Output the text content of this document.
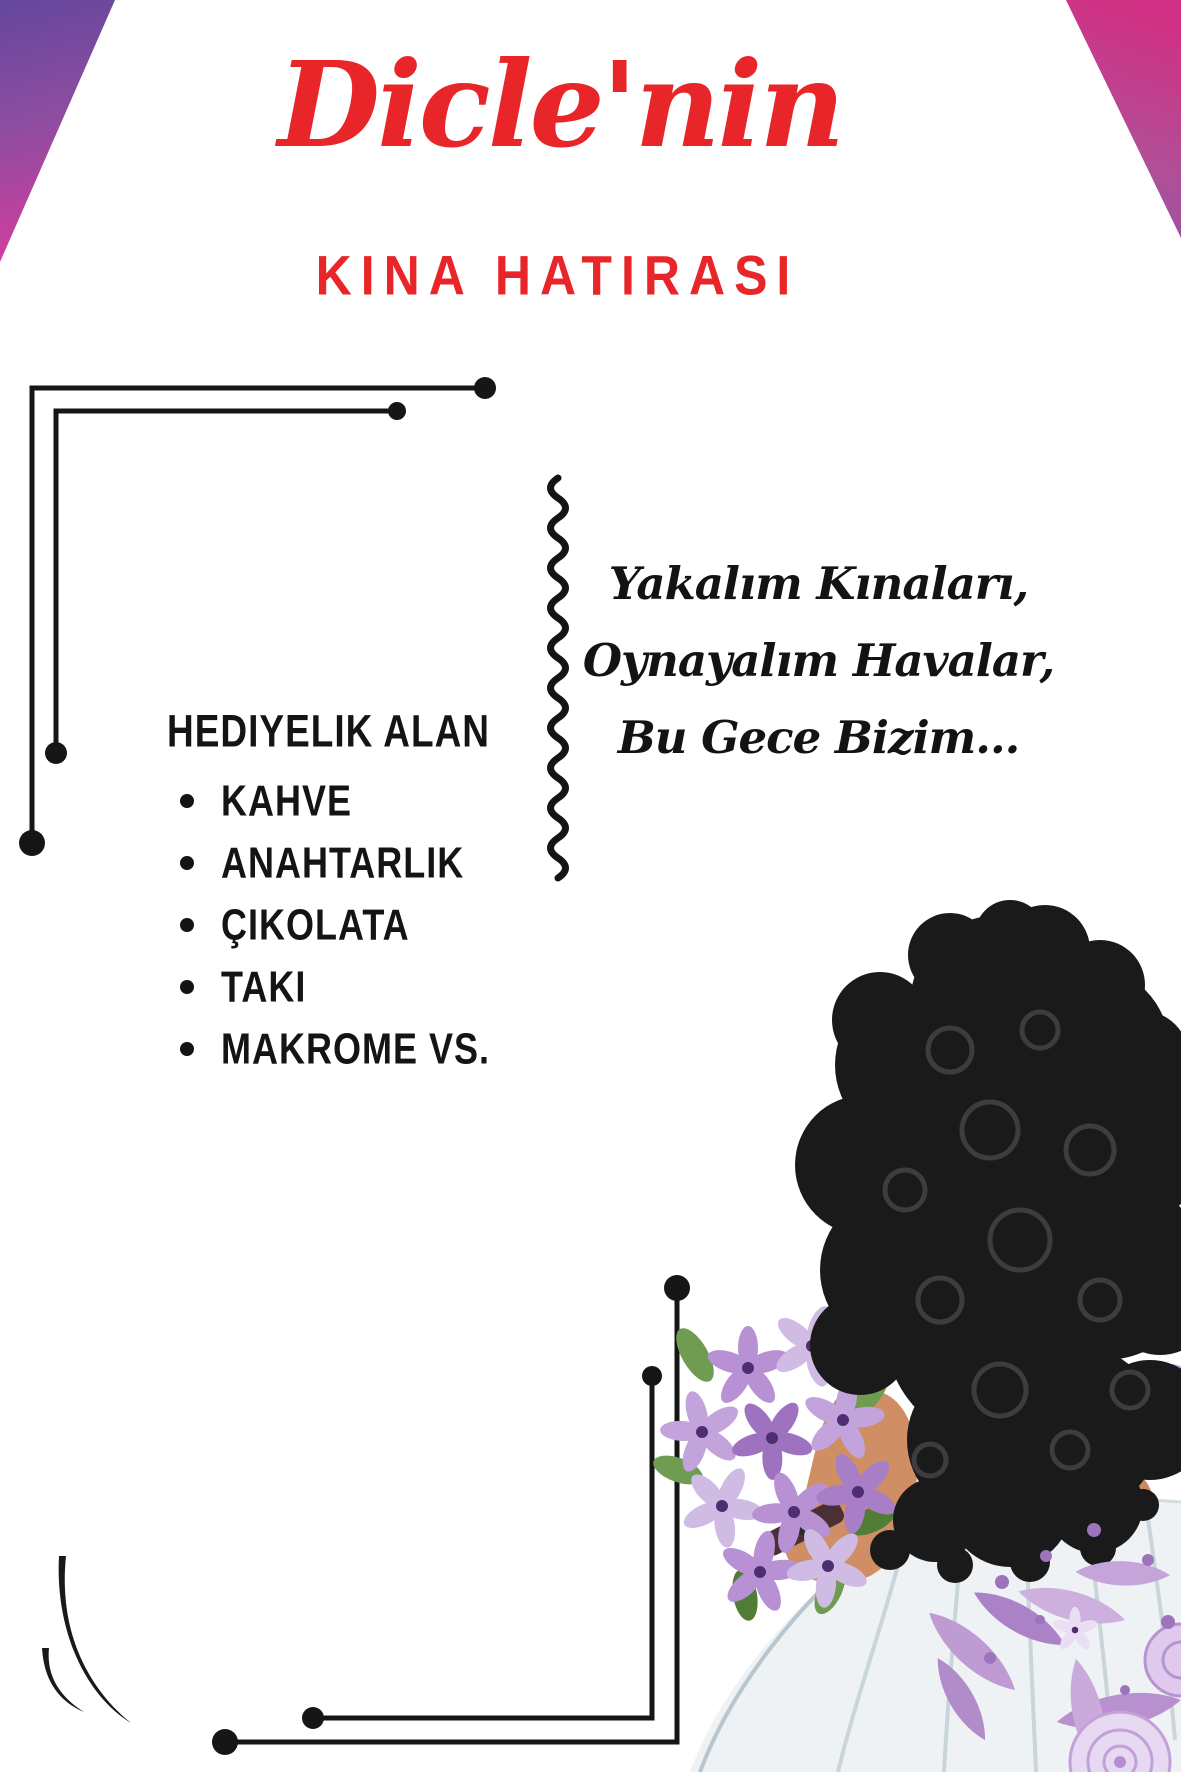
Dicle'nin
KINA HATIRASI
Yakalım Kınaları,
Oynayalım Havalar,
Bu Gece Bizim...
HEDIYELIK ALAN
KAHVE
ANAHTARLIK
ÇIKOLATA
TAKI
MAKROME VS.
